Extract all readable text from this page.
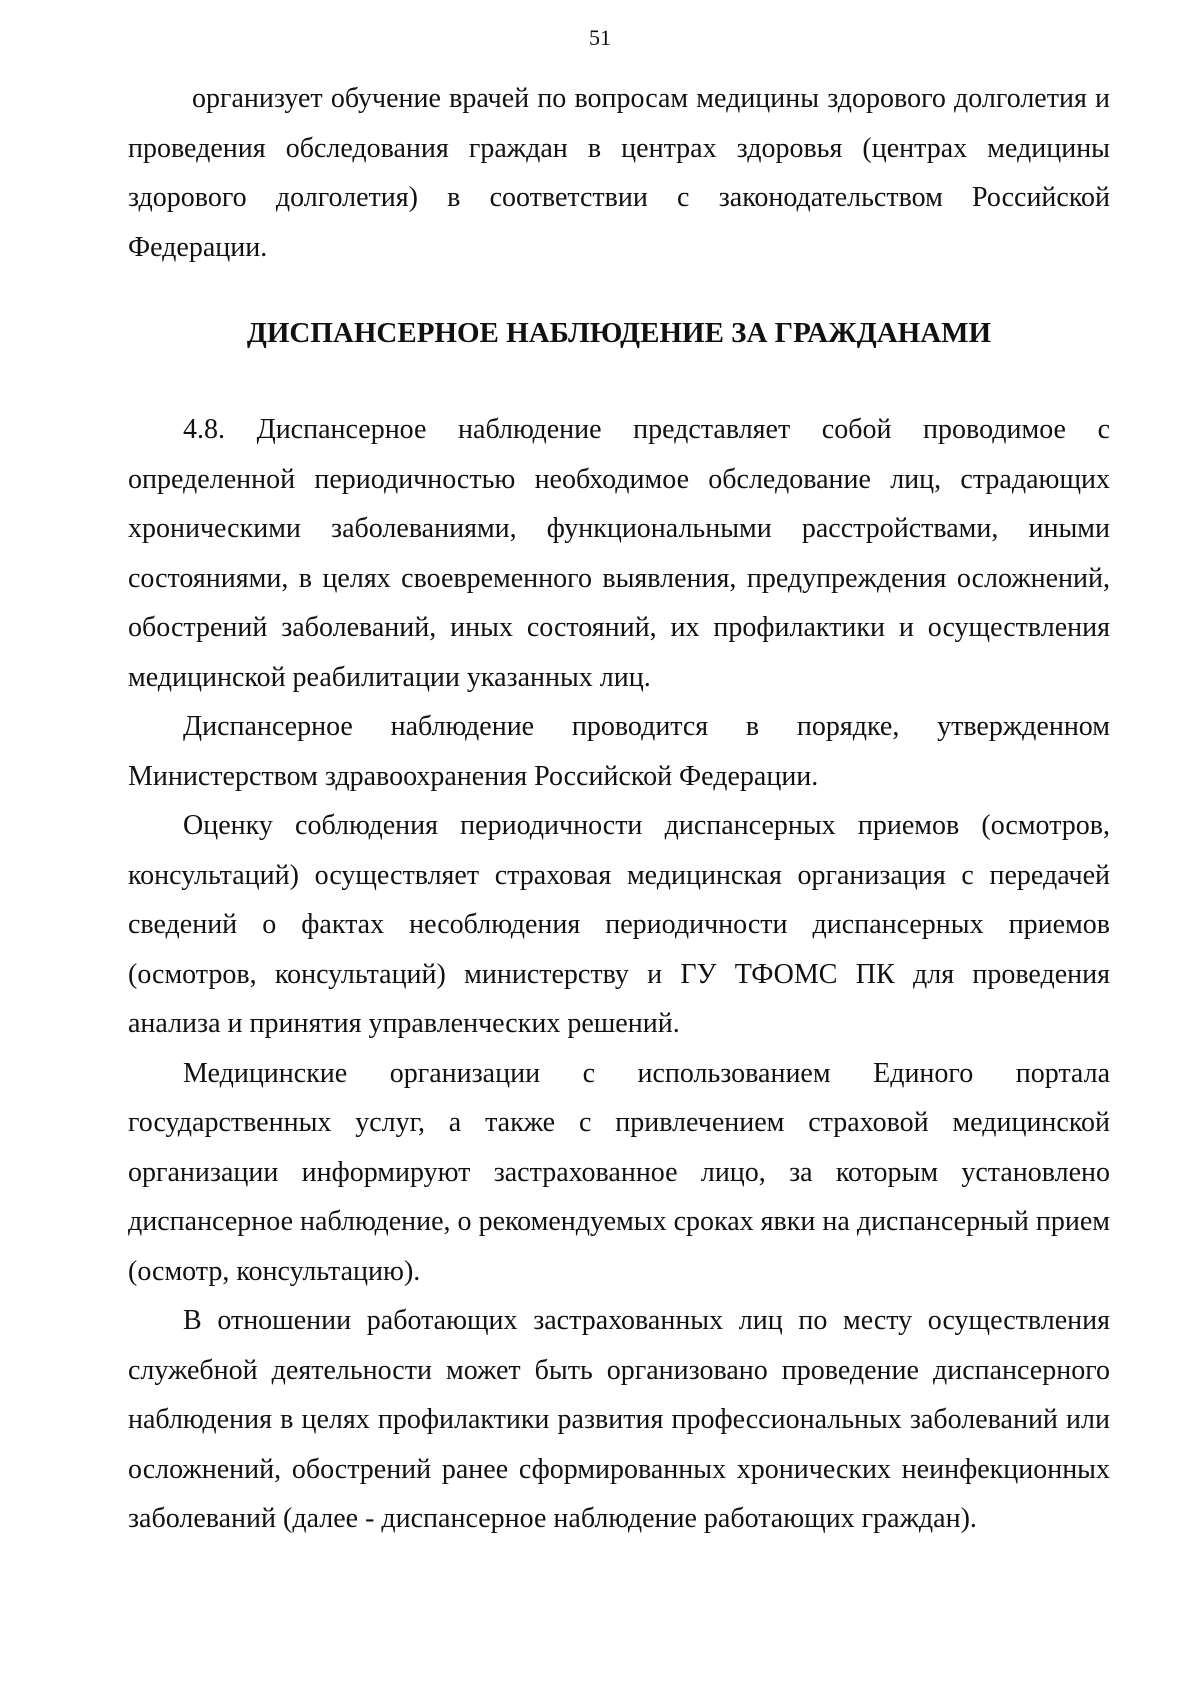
51

организует обучение врачей по вопросам медицины здорового долголетия и проведения обследования граждан в центрах здоровья (центрах медицины здорового долголетия) в соответствии с законодательством Российской Федерации.

ДИСПАНСЕРНОЕ НАБЛЮДЕНИЕ ЗА ГРАЖДАНАМИ

4.8. Диспансерное наблюдение представляет собой проводимое с определенной периодичностью необходимое обследование лиц, страдающих хроническими заболеваниями, функциональными расстройствами, иными состояниями, в целях своевременного выявления, предупреждения осложнений, обострений заболеваний, иных состояний, их профилактики и осуществления медицинской реабилитации указанных лиц.

Диспансерное наблюдение проводится в порядке, утвержденном Министерством здравоохранения Российской Федерации.

Оценку соблюдения периодичности диспансерных приемов (осмотров, консультаций) осуществляет страховая медицинская организация с передачей сведений о фактах несоблюдения периодичности диспансерных приемов (осмотров, консультаций) министерству и ГУ ТФОМС ПК для проведения анализа и принятия управленческих решений.

Медицинские организации с использованием Единого портала государственных услуг, а также с привлечением страховой медицинской организации информируют застрахованное лицо, за которым установлено диспансерное наблюдение, о рекомендуемых сроках явки на диспансерный прием (осмотр, консультацию).

В отношении работающих застрахованных лиц по месту осуществления служебной деятельности может быть организовано проведение диспансерного наблюдения в целях профилактики развития профессиональных заболеваний или осложнений, обострений ранее сформированных хронических неинфекционных заболеваний (далее - диспансерное наблюдение работающих граждан).
